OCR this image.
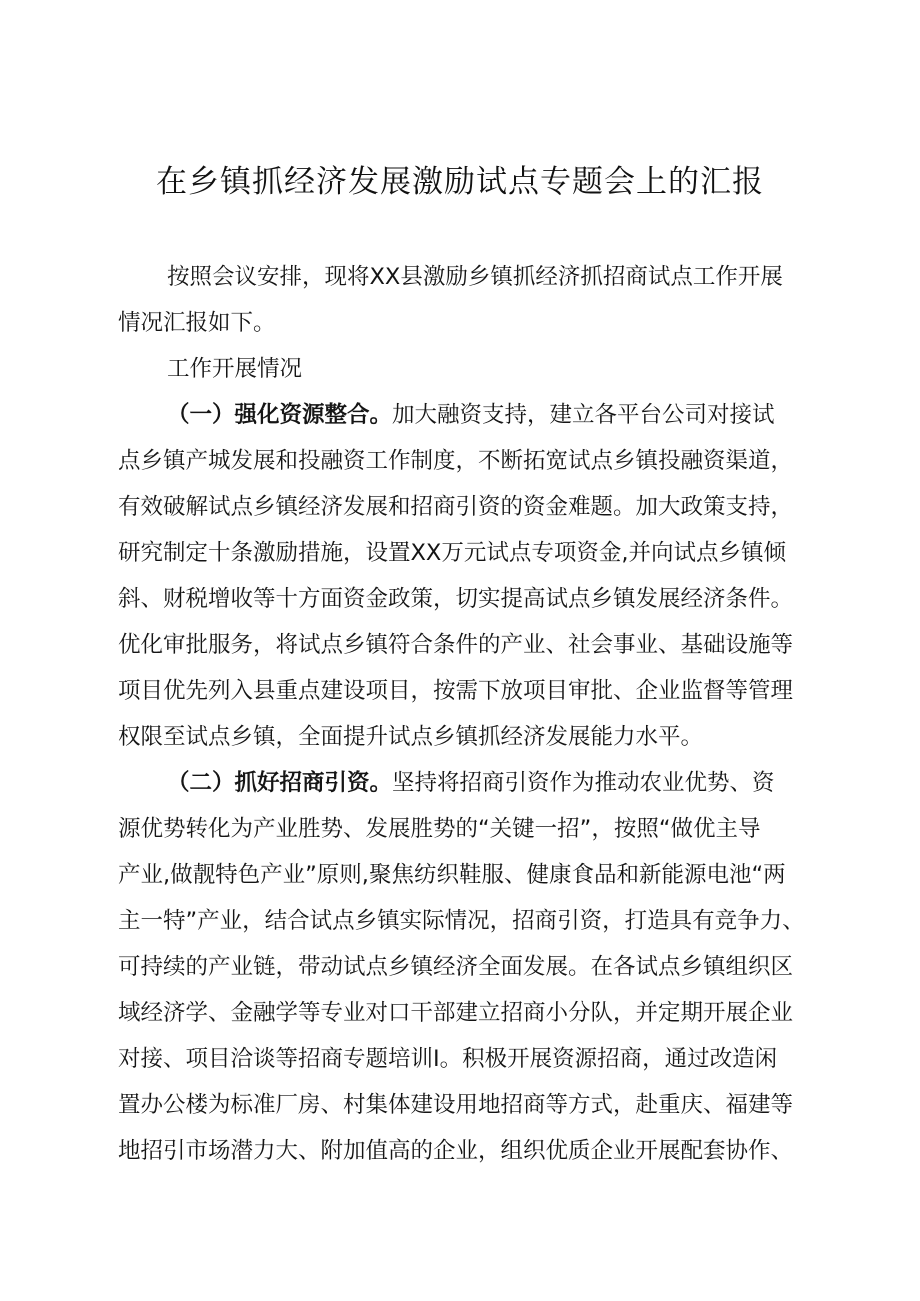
在乡镇抓经济发展激励试点专题会上的汇报
按照会议安排，现将XX县激励乡镇抓经济抓招商试点工作开展
情况汇报如下。
工作开展情况
（一）强化资源整合。加大融资支持，建立各平台公司对接试
点乡镇产城发展和投融资工作制度，不断拓宽试点乡镇投融资渠道，
有效破解试点乡镇经济发展和招商引资的资金难题。加大政策支持，
研究制定十条激励措施，设置XX万元试点专项资金,并向试点乡镇倾
斜、财税增收等十方面资金政策，切实提高试点乡镇发展经济条件。
优化审批服务，将试点乡镇符合条件的产业、社会事业、基础设施等
项目优先列入县重点建设项目，按需下放项目审批、企业监督等管理
权限至试点乡镇，全面提升试点乡镇抓经济发展能力水平。
（二）抓好招商引资。坚持将招商引资作为推动农业优势、资
源优势转化为产业胜势、发展胜势的“关键一招”，按照“做优主导
产业,做靓特色产业”原则,聚焦纺织鞋服、健康食品和新能源电池“两
主一特”产业，结合试点乡镇实际情况，招商引资，打造具有竞争力、
可持续的产业链，带动试点乡镇经济全面发展。在各试点乡镇组织区
域经济学、金融学等专业对口干部建立招商小分队，并定期开展企业
对接、项目洽谈等招商专题培训I。积极开展资源招商，通过改造闲
置办公楼为标准厂房、村集体建设用地招商等方式，赴重庆、福建等
地招引市场潜力大、附加值高的企业，组织优质企业开展配套协作、
